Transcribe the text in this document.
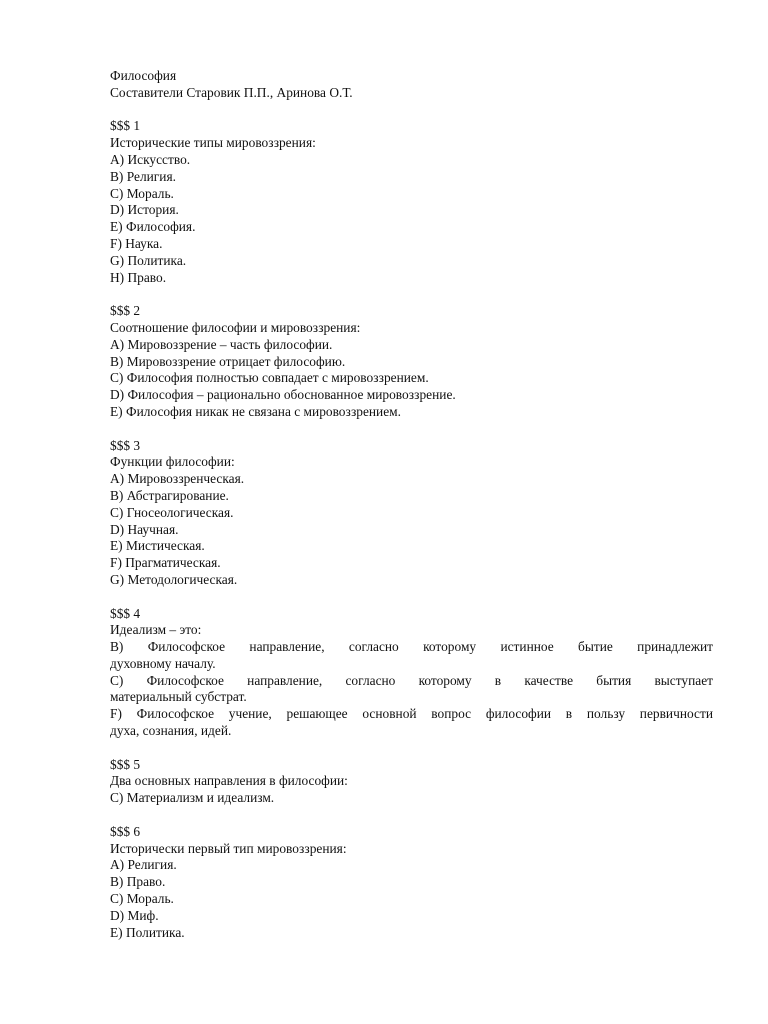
Философия
Составители Старовик П.П., Аринова О.Т.
$$$ 1
Исторические типы мировоззрения:
A) Искусство.
B) Религия.
C) Мораль.
D) История.
E) Философия.
F) Наука.
G) Политика.
H) Право.
$$$ 2
Соотношение философии и мировоззрения:
A) Мировоззрение – часть философии.
B) Мировоззрение отрицает философию.
C) Философия полностью совпадает с мировоззрением.
D) Философия – рационально обоснованное мировоззрение.
E) Философия никак не связана с мировоззрением.
$$$ 3
Функции философии:
A) Мировоззренческая.
B) Абстрагирование.
C) Гносеологическая.
D) Научная.
E) Мистическая.
F) Прагматическая.
G) Методологическая.
$$$ 4
Идеализм – это:
B) Философское направление, согласно которому истинное бытие принадлежит
духовному началу.
C) Философское направление, согласно которому в качестве бытия выступает
материальный субстрат.
F) Философское учение, решающее основной вопрос философии в пользу первичности
духа, сознания, идей.
$$$ 5
Два основных направления в философии:
C) Материализм и идеализм.
$$$ 6
Исторически первый тип мировоззрения:
A) Религия.
B) Право.
C) Мораль.
D) Миф.
E) Политика.
